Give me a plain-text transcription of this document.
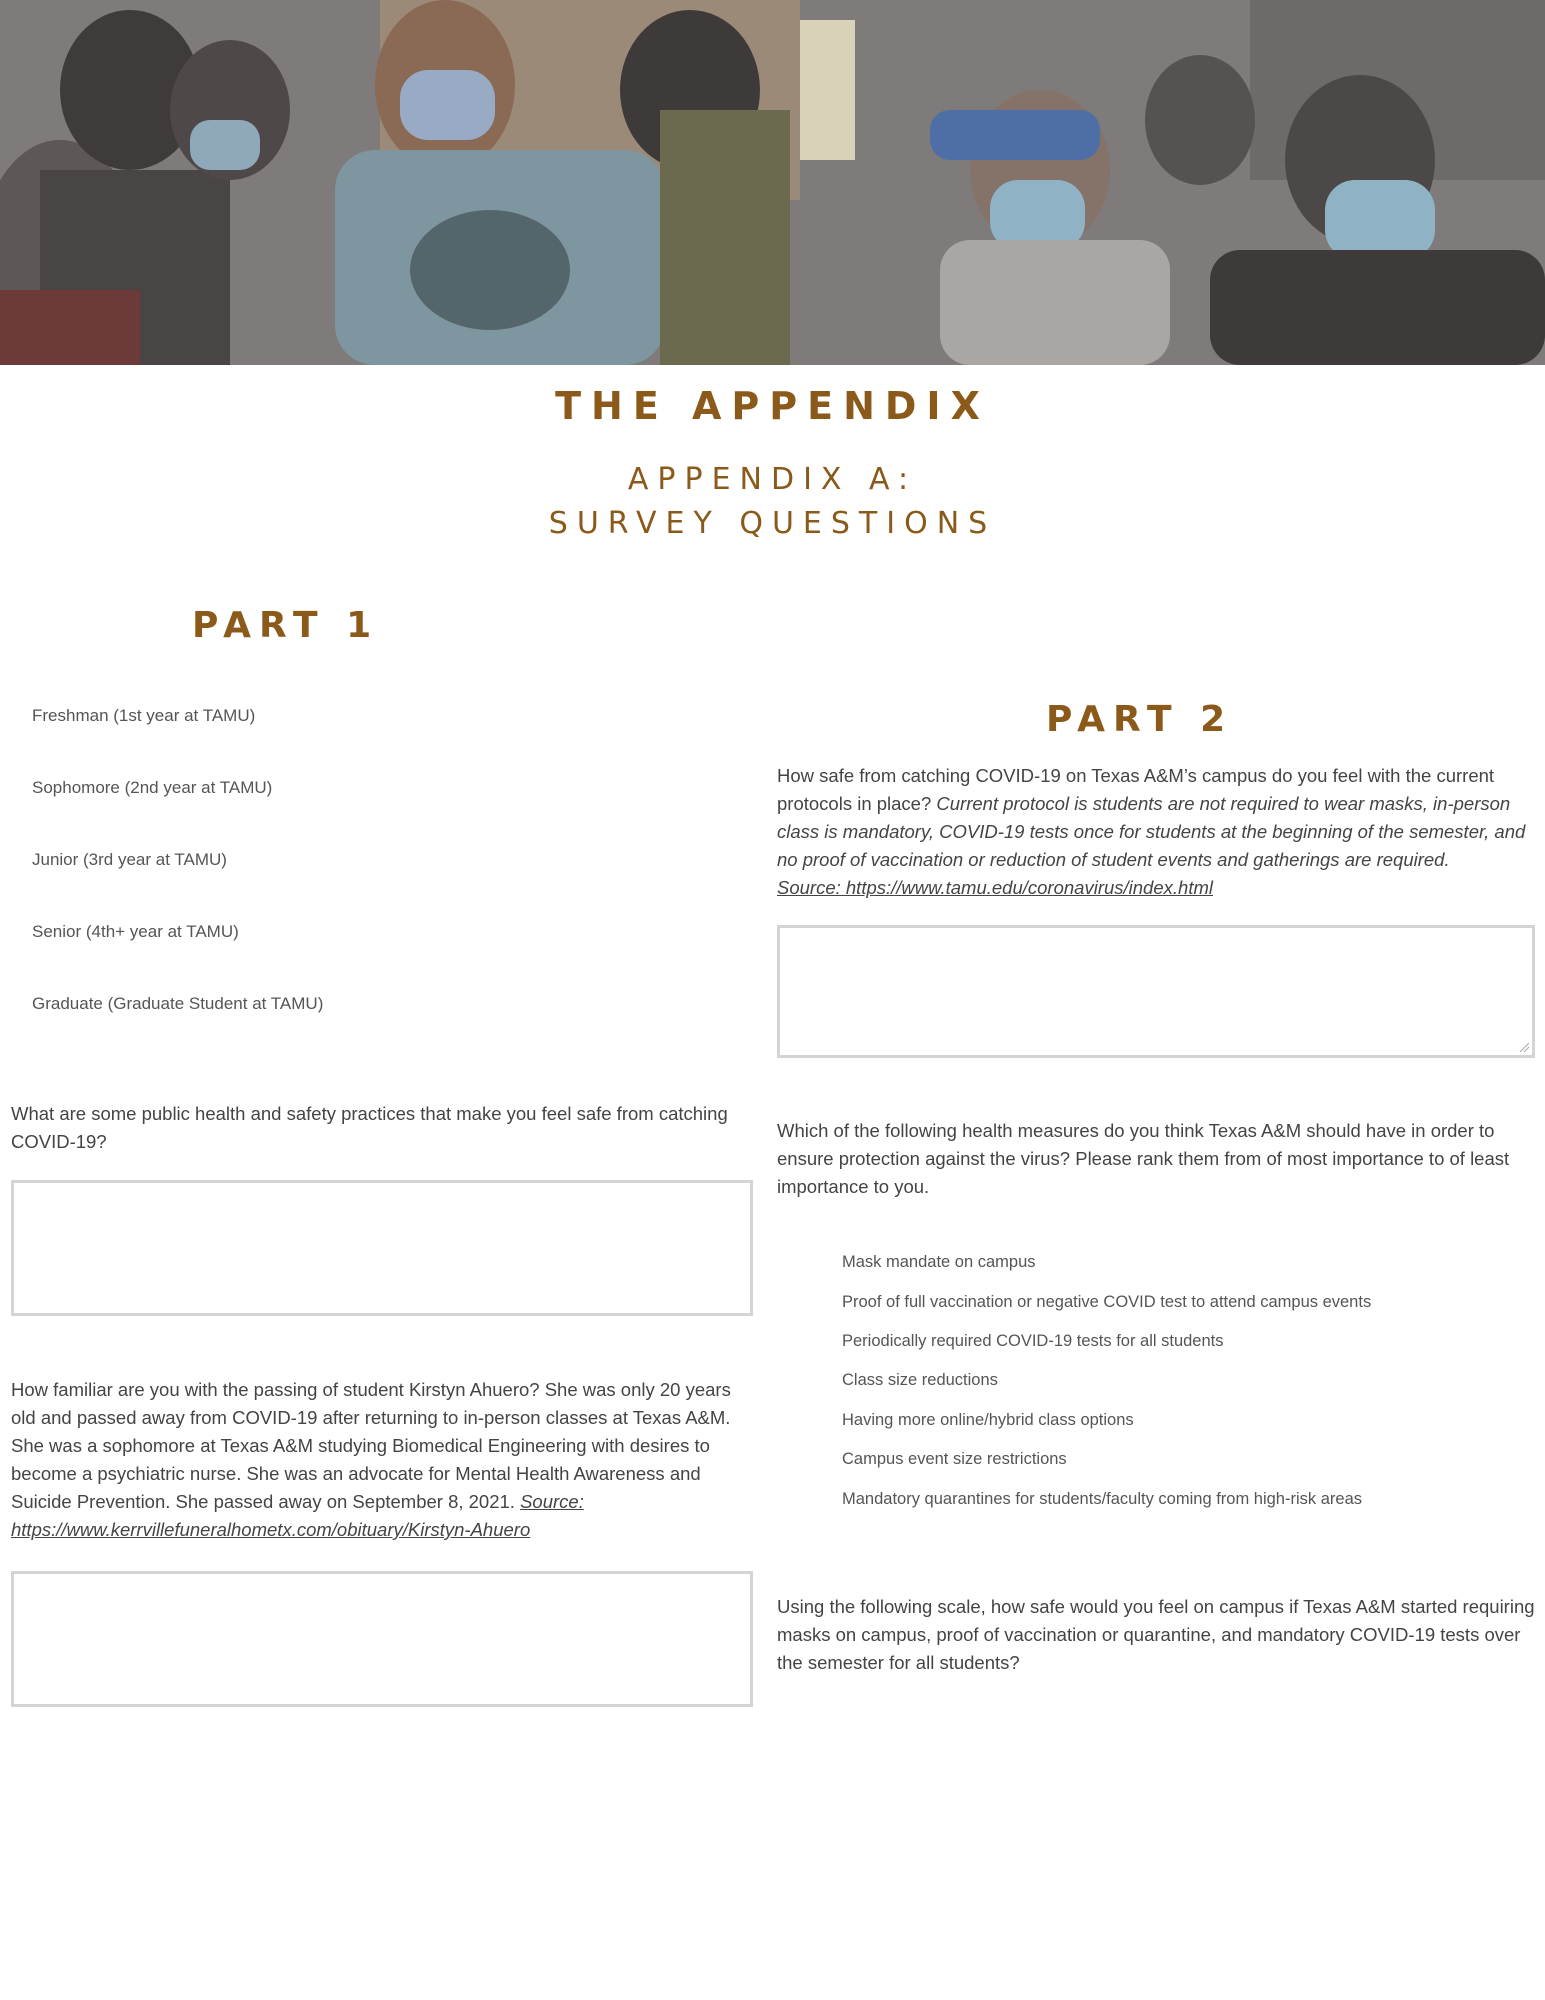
THE APPENDIX
APPENDIX A:
SURVEY QUESTIONS
PART 1
Freshman (1st year at TAMU)
Sophomore (2nd year at TAMU)
Junior (3rd year at TAMU)
Senior (4th+ year at TAMU)
Graduate (Graduate Student at TAMU)
What are some public health and safety practices that make you feel safe from catching COVID-19?
How familiar are you with the passing of student Kirstyn Ahuero? She was only 20 years old and passed away from COVID-19 after returning to in-person classes at Texas A&M. She was a sophomore at Texas A&M studying Biomedical Engineering with desires to become a psychiatric nurse. She was an advocate for Mental Health Awareness and Suicide Prevention. She passed away on September 8, 2021. Source: https://www.kerrvillefuneralhometx.com/obituary/Kirstyn-Ahuero
PART 2
How safe from catching COVID-19 on Texas A&M’s campus do you feel with the current protocols in place? Current protocol is students are not required to wear masks, in-person class is mandatory, COVID-19 tests once for students at the beginning of the semester, and no proof of vaccination or reduction of student events and gatherings are required.
Source: https://www.tamu.edu/coronavirus/index.html
Which of the following health measures do you think Texas A&M should have in order to ensure protection against the virus? Please rank them from of most importance to of least importance to you.
Mask mandate on campus
Proof of full vaccination or negative COVID test to attend campus events
Periodically required COVID-19 tests for all students
Class size reductions
Having more online/hybrid class options
Campus event size restrictions
Mandatory quarantines for students/faculty coming from high-risk areas
Using the following scale, how safe would you feel on campus if Texas A&M started requiring masks on campus, proof of vaccination or quarantine, and mandatory COVID-19 tests over the semester for all students?
